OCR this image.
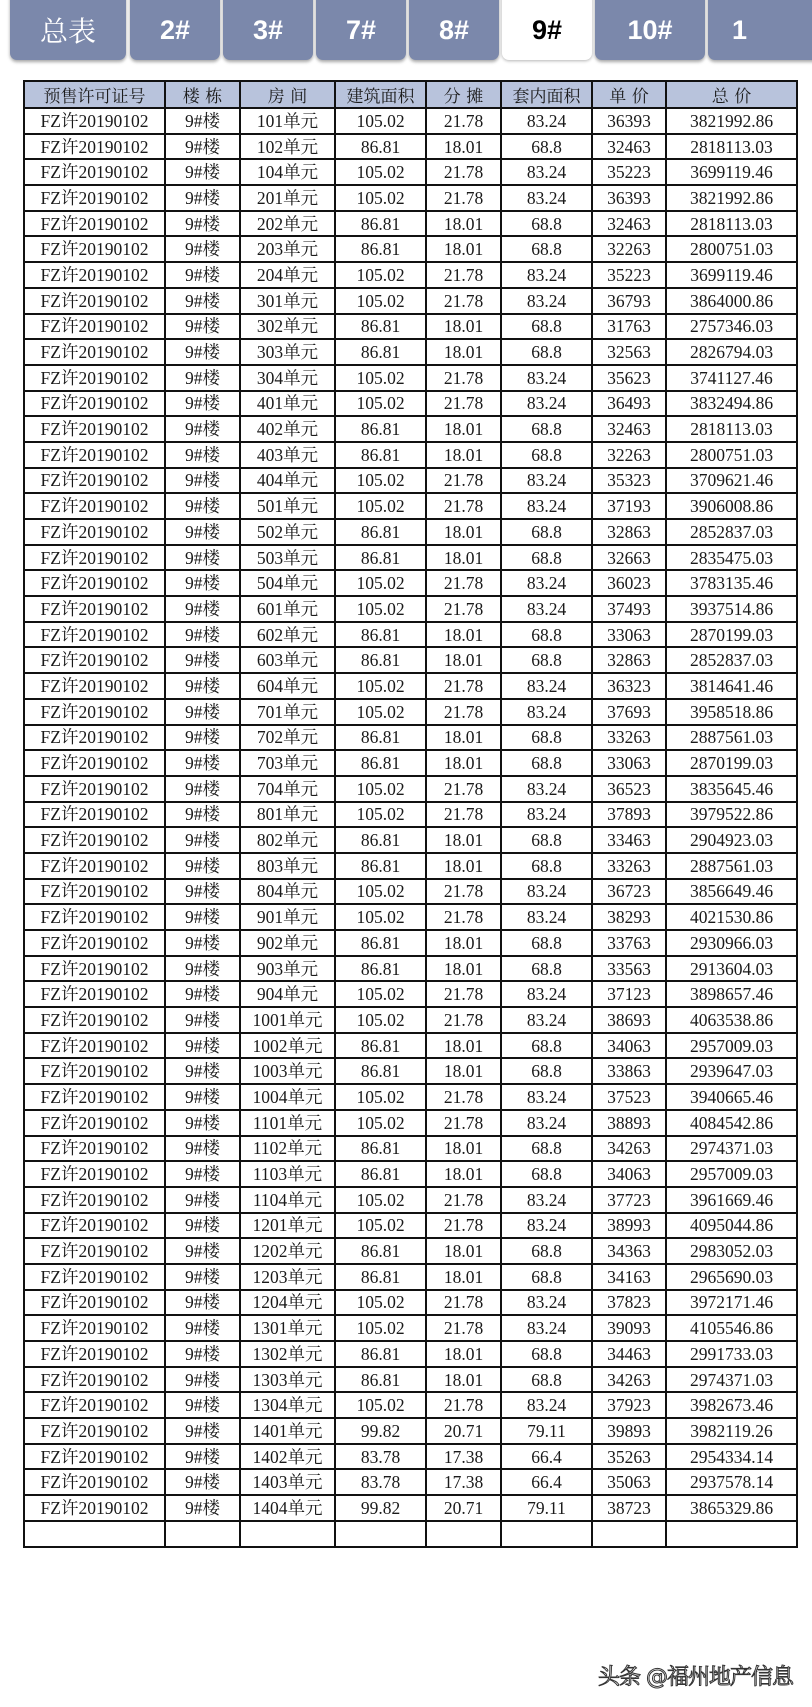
总表	2#	3#	7#	8#	9#	10#	1
预售许可证号	楼 栋	房 间	建筑面积	分 摊	套内面积	单 价	总 价
FZ许20190102	9#楼	101单元	105.02	21.78	83.24	36393	3821992.86
FZ许20190102	9#楼	102单元	86.81	18.01	68.8	32463	2818113.03
FZ许20190102	9#楼	104单元	105.02	21.78	83.24	35223	3699119.46
FZ许20190102	9#楼	201单元	105.02	21.78	83.24	36393	3821992.86
FZ许20190102	9#楼	202单元	86.81	18.01	68.8	32463	2818113.03
FZ许20190102	9#楼	203单元	86.81	18.01	68.8	32263	2800751.03
FZ许20190102	9#楼	204单元	105.02	21.78	83.24	35223	3699119.46
FZ许20190102	9#楼	301单元	105.02	21.78	83.24	36793	3864000.86
FZ许20190102	9#楼	302单元	86.81	18.01	68.8	31763	2757346.03
FZ许20190102	9#楼	303单元	86.81	18.01	68.8	32563	2826794.03
FZ许20190102	9#楼	304单元	105.02	21.78	83.24	35623	3741127.46
FZ许20190102	9#楼	401单元	105.02	21.78	83.24	36493	3832494.86
FZ许20190102	9#楼	402单元	86.81	18.01	68.8	32463	2818113.03
FZ许20190102	9#楼	403单元	86.81	18.01	68.8	32263	2800751.03
FZ许20190102	9#楼	404单元	105.02	21.78	83.24	35323	3709621.46
FZ许20190102	9#楼	501单元	105.02	21.78	83.24	37193	3906008.86
FZ许20190102	9#楼	502单元	86.81	18.01	68.8	32863	2852837.03
FZ许20190102	9#楼	503单元	86.81	18.01	68.8	32663	2835475.03
FZ许20190102	9#楼	504单元	105.02	21.78	83.24	36023	3783135.46
FZ许20190102	9#楼	601单元	105.02	21.78	83.24	37493	3937514.86
FZ许20190102	9#楼	602单元	86.81	18.01	68.8	33063	2870199.03
FZ许20190102	9#楼	603单元	86.81	18.01	68.8	32863	2852837.03
FZ许20190102	9#楼	604单元	105.02	21.78	83.24	36323	3814641.46
FZ许20190102	9#楼	701单元	105.02	21.78	83.24	37693	3958518.86
FZ许20190102	9#楼	702单元	86.81	18.01	68.8	33263	2887561.03
FZ许20190102	9#楼	703单元	86.81	18.01	68.8	33063	2870199.03
FZ许20190102	9#楼	704单元	105.02	21.78	83.24	36523	3835645.46
FZ许20190102	9#楼	801单元	105.02	21.78	83.24	37893	3979522.86
FZ许20190102	9#楼	802单元	86.81	18.01	68.8	33463	2904923.03
FZ许20190102	9#楼	803单元	86.81	18.01	68.8	33263	2887561.03
FZ许20190102	9#楼	804单元	105.02	21.78	83.24	36723	3856649.46
FZ许20190102	9#楼	901单元	105.02	21.78	83.24	38293	4021530.86
FZ许20190102	9#楼	902单元	86.81	18.01	68.8	33763	2930966.03
FZ许20190102	9#楼	903单元	86.81	18.01	68.8	33563	2913604.03
FZ许20190102	9#楼	904单元	105.02	21.78	83.24	37123	3898657.46
FZ许20190102	9#楼	1001单元	105.02	21.78	83.24	38693	4063538.86
FZ许20190102	9#楼	1002单元	86.81	18.01	68.8	34063	2957009.03
FZ许20190102	9#楼	1003单元	86.81	18.01	68.8	33863	2939647.03
FZ许20190102	9#楼	1004单元	105.02	21.78	83.24	37523	3940665.46
FZ许20190102	9#楼	1101单元	105.02	21.78	83.24	38893	4084542.86
FZ许20190102	9#楼	1102单元	86.81	18.01	68.8	34263	2974371.03
FZ许20190102	9#楼	1103单元	86.81	18.01	68.8	34063	2957009.03
FZ许20190102	9#楼	1104单元	105.02	21.78	83.24	37723	3961669.46
FZ许20190102	9#楼	1201单元	105.02	21.78	83.24	38993	4095044.86
FZ许20190102	9#楼	1202单元	86.81	18.01	68.8	34363	2983052.03
FZ许20190102	9#楼	1203单元	86.81	18.01	68.8	34163	2965690.03
FZ许20190102	9#楼	1204单元	105.02	21.78	83.24	37823	3972171.46
FZ许20190102	9#楼	1301单元	105.02	21.78	83.24	39093	4105546.86
FZ许20190102	9#楼	1302单元	86.81	18.01	68.8	34463	2991733.03
FZ许20190102	9#楼	1303单元	86.81	18.01	68.8	34263	2974371.03
FZ许20190102	9#楼	1304单元	105.02	21.78	83.24	37923	3982673.46
FZ许20190102	9#楼	1401单元	99.82	20.71	79.11	39893	3982119.26
FZ许20190102	9#楼	1402单元	83.78	17.38	66.4	35263	2954334.14
FZ许20190102	9#楼	1403单元	83.78	17.38	66.4	35063	2937578.14
FZ许20190102	9#楼	1404单元	99.82	20.71	79.11	38723	3865329.86

头条 @福州地产信息
